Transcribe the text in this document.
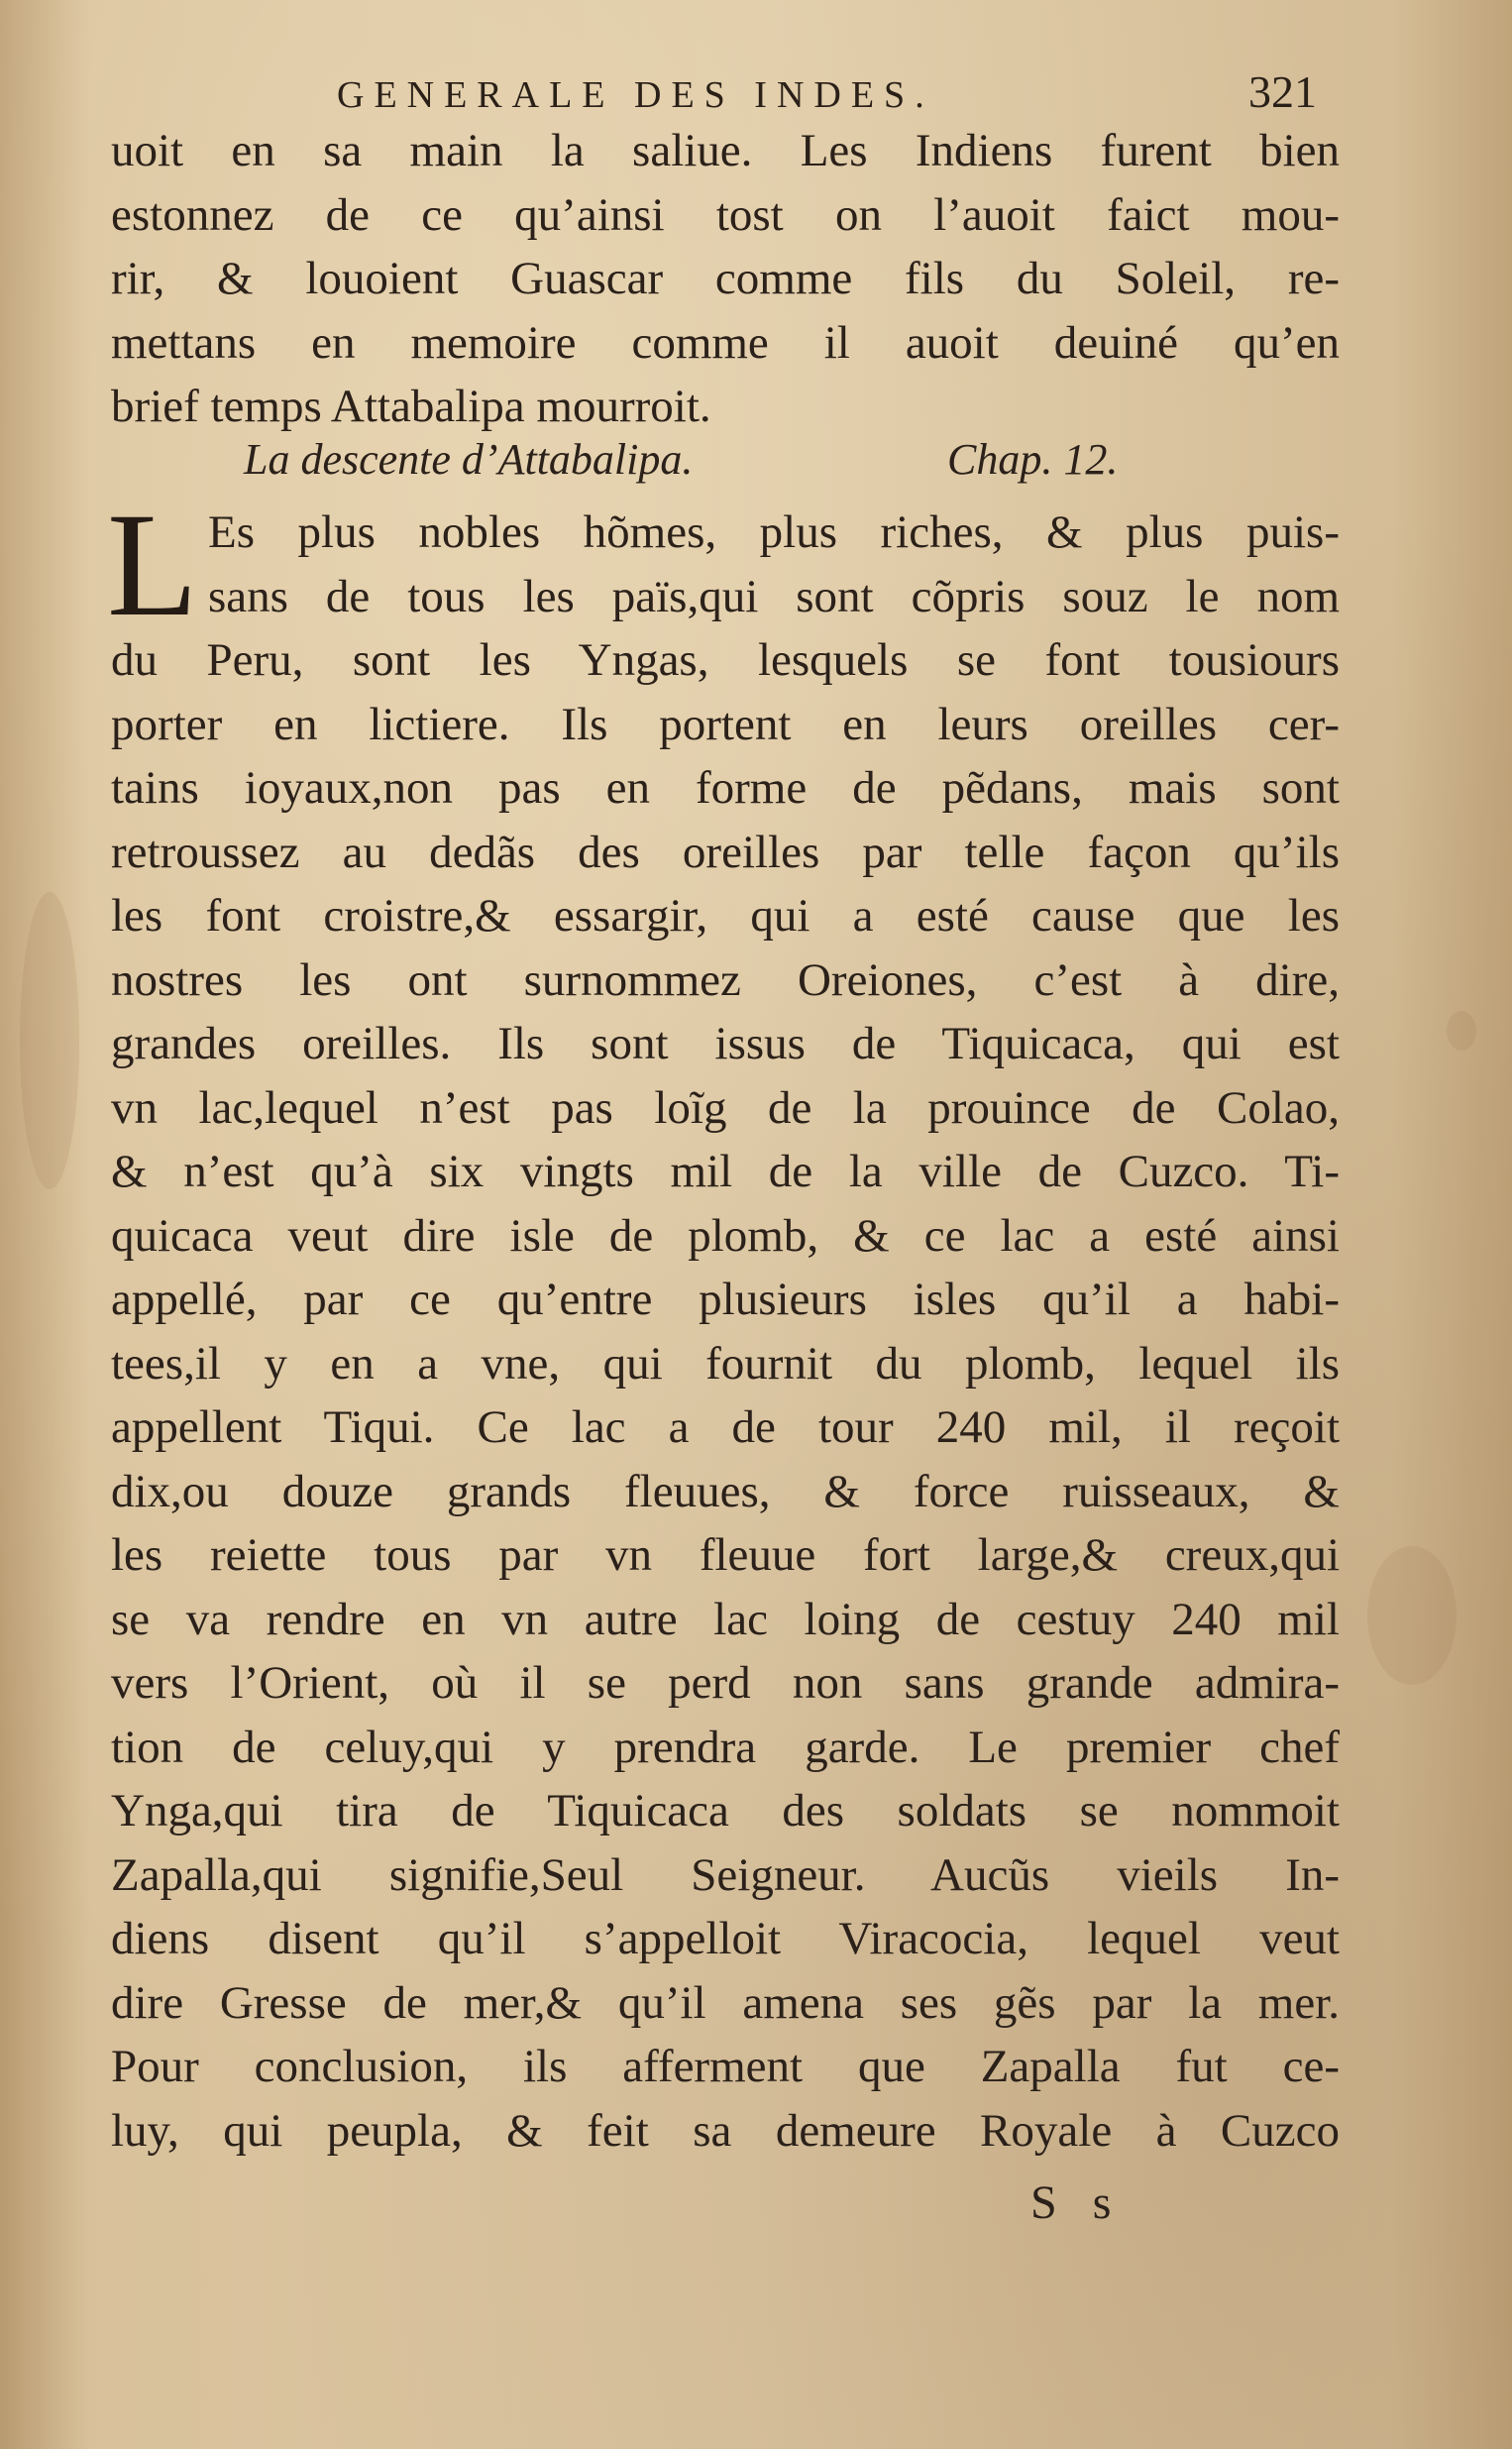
GENERALE DES INDES.	321
uoit en sa main la saliue. Les Indiens furent bien
estonnez de ce qu’ainsi tost on l’auoit faict mou-
rir, & louoient Guascar comme fils du Soleil, re-
mettans en memoire comme il auoit deuiné qu’en
brief temps Attabalipa mourroit.
La descente d’Attabalipa.	Chap. 12.
L Es plus nobles hõmes, plus riches, & plus puis-
sans de tous les païs,qui sont cõpris souz le nom
du Peru, sont les Yngas, lesquels se font tousiours
porter en lictiere. Ils portent en leurs oreilles cer-
tains ioyaux,non pas en forme de pẽdans, mais sont
retroussez au dedãs des oreilles par telle façon qu’ils
les font croistre,& essargir, qui a esté cause que les
nostres les ont surnommez Oreiones, c’est à dire,
grandes oreilles. Ils sont issus de Tiquicaca, qui est
vn lac,lequel n’est pas loĩg de la prouince de Colao,
& n’est qu’à six vingts mil de la ville de Cuzco. Ti-
quicaca veut dire isle de plomb, & ce lac a esté ainsi
appellé, par ce qu’entre plusieurs isles qu’il a habi-
tees,il y en a vne, qui fournit du plomb, lequel ils
appellent Tiqui. Ce lac a de tour 240 mil, il reçoit
dix,ou douze grands fleuues, & force ruisseaux, &
les reiette tous par vn fleuue fort large,& creux,qui
se va rendre en vn autre lac loing de cestuy 240 mil
vers l’Orient, où il se perd non sans grande admira-
tion de celuy,qui y prendra garde. Le premier chef
Ynga,qui tira de Tiquicaca des soldats se nommoit
Zapalla,qui signifie,Seul Seigneur. Aucũs vieils In-
diens disent qu’il s’appelloit Viracocia, lequel veut
dire Gresse de mer,& qu’il amena ses gẽs par la mer.
Pour conclusion, ils afferment que Zapalla fut ce-
luy, qui peupla, & feit sa demeure Royale à Cuzco
S s
